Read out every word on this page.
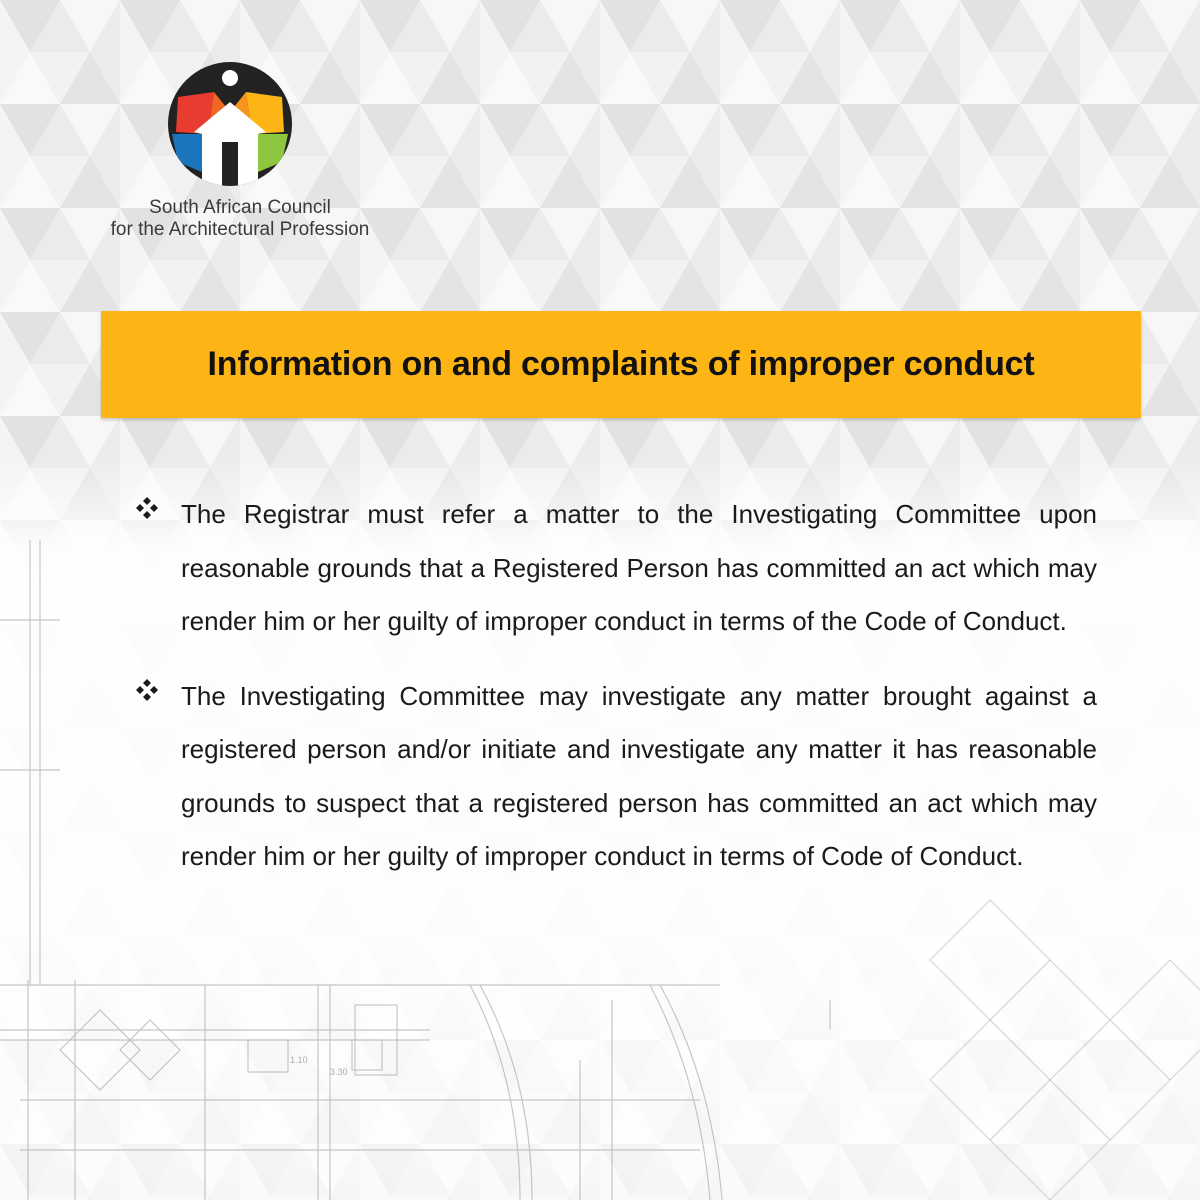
1.10
3.30
South African Council
for the Architectural Profession
Information on and complaints of improper conduct

The Registrar must refer a matter to the Investigating Committee upon reasonable grounds that a Registered Person has committed an act which may render him or her guilty of improper conduct in terms of the Code of Conduct.

The Investigating Committee may investigate any matter brought against a registered person and/or initiate and investigate any matter it has reasonable grounds to suspect that a registered person has committed an act which may render him or her guilty of improper conduct in terms of Code of Conduct.
